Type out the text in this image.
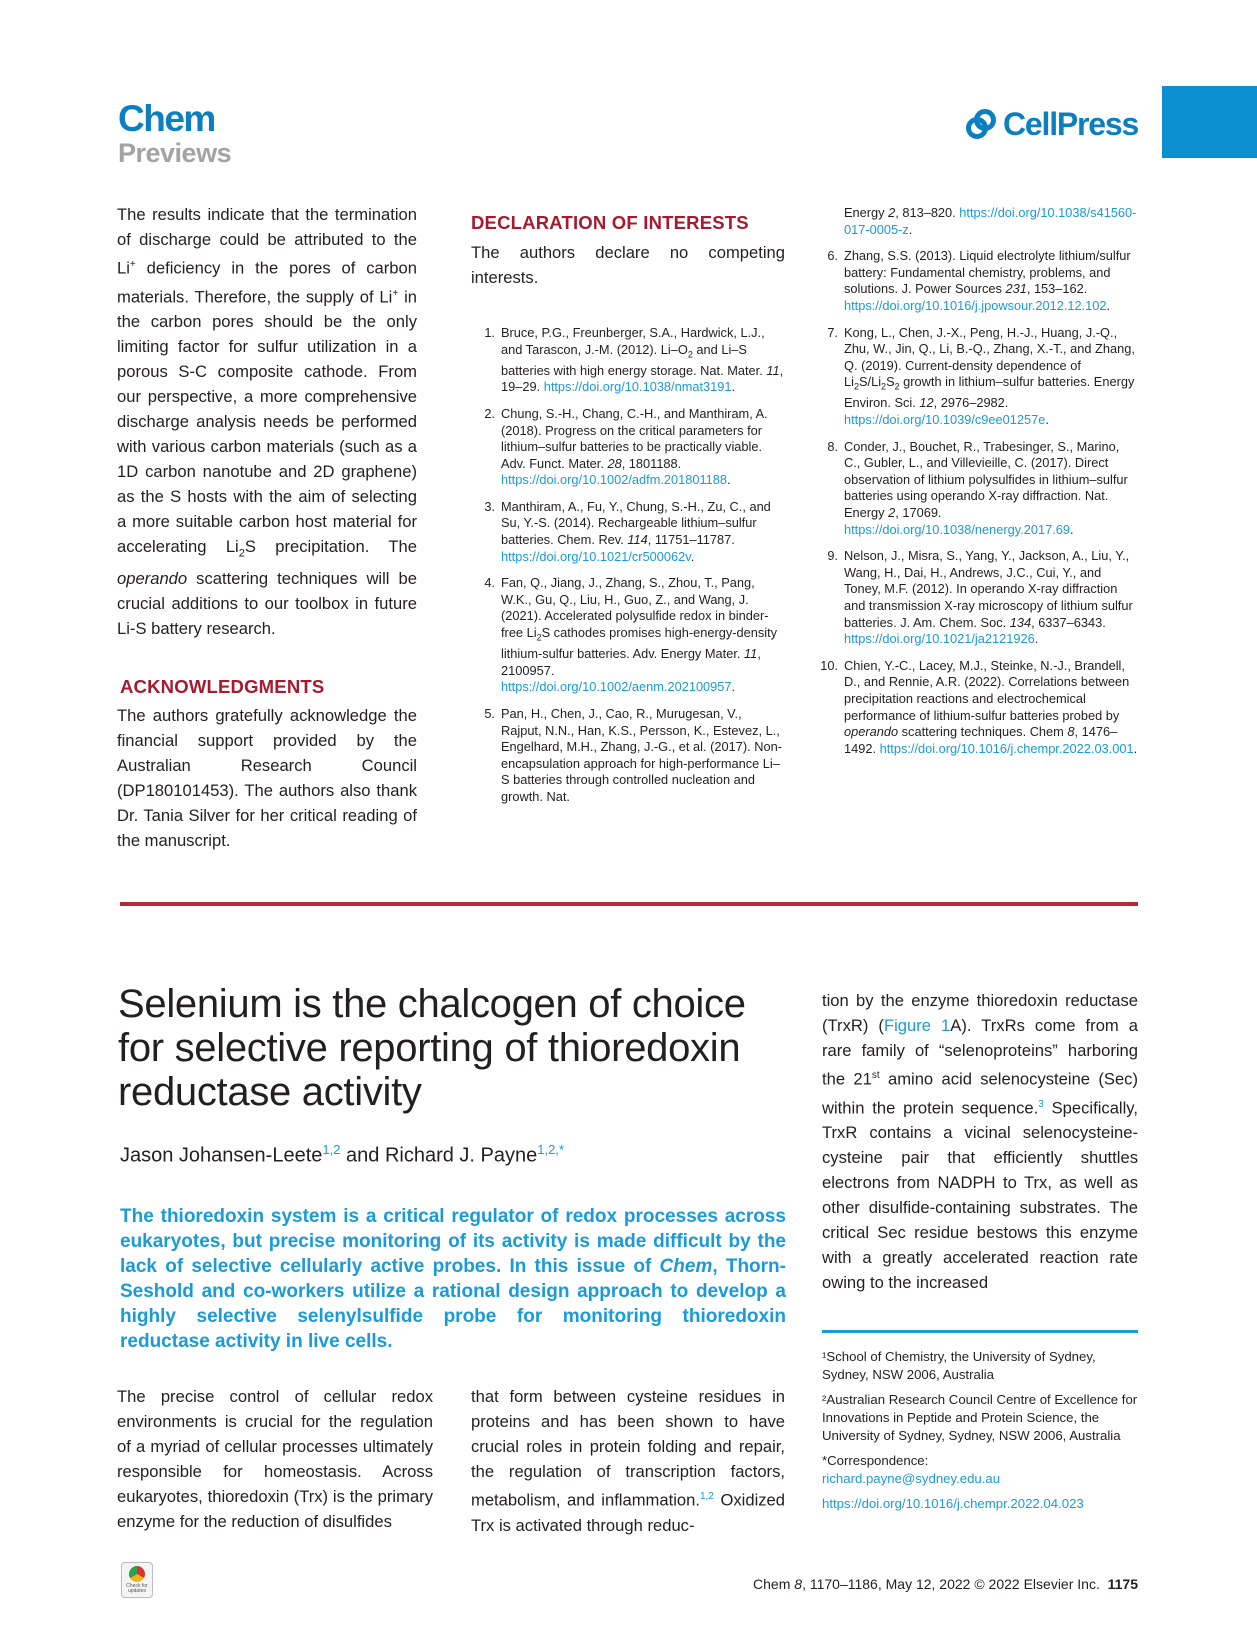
Chem
Previews
CellPress

The results indicate that the termination of discharge could be attributed to the Li+ deficiency in the pores of carbon materials. Therefore, the supply of Li+ in the carbon pores should be the only limiting factor for sulfur utilization in a porous S-C composite cathode. From our perspective, a more comprehensive discharge analysis needs be performed with various carbon materials (such as a 1D carbon nanotube and 2D graphene) as the S hosts with the aim of selecting a more suitable carbon host material for accelerating $Li_2S$ precipitation. The operando scattering techniques will be crucial additions to our toolbox in future Li-S battery research.

ACKNOWLEDGMENTS

The authors gratefully acknowledge the financial support provided by the Australian Research Council (DP180101453). The authors also thank Dr. Tania Silver for her critical reading of the manuscript.

DECLARATION OF INTERESTS

The authors declare no competing interests.

1. Bruce, P.G., Freunberger, S.A., Hardwick, L.J., and Tarascon, J.-M. (2012). $Li-O_2$ and Li–S batteries with high energy storage. Nat. Mater. 11, 19–29. https://doi.org/10.1038/nmat3191.
2. Chung, S.-H., Chang, C.-H., and Manthiram, A. (2018). Progress on the critical parameters for lithium–sulfur batteries to be practically viable. Adv. Funct. Mater. 28, 1801188. https://doi.org/10.1002/adfm.201801188.
3. Manthiram, A., Fu, Y., Chung, S.-H., Zu, C., and Su, Y.-S. (2014). Rechargeable lithium–sulfur batteries. Chem. Rev. 114, 11751–11787. https://doi.org/10.1021/cr500062v.
4. Fan, Q., Jiang, J., Zhang, S., Zhou, T., Pang, W.K., Gu, Q., Liu, H., Guo, Z., and Wang, J. (2021). Accelerated polysulfide redox in binder-free $Li_2S$ cathodes promises high-energy-density lithium-sulfur batteries. Adv. Energy Mater. 11, 2100957. https://doi.org/10.1002/aenm.202100957.
5. Pan, H., Chen, J., Cao, R., Murugesan, V., Rajput, N.N., Han, K.S., Persson, K., Estevez, L., Engelhard, M.H., Zhang, J.-G., et al. (2017). Non-encapsulation approach for high-performance Li–S batteries through controlled nucleation and growth. Nat.
Energy 2, 813–820. https://doi.org/10.1038/s41560-017-0005-z.
6. Zhang, S.S. (2013). Liquid electrolyte lithium/sulfur battery: Fundamental chemistry, problems, and solutions. J. Power Sources 231, 153–162. https://doi.org/10.1016/j.jpowsour.2012.12.102.
7. Kong, L., Chen, J.-X., Peng, H.-J., Huang, J.-Q., Zhu, W., Jin, Q., Li, B.-Q., Zhang, X.-T., and Zhang, Q. (2019). Current-density dependence of $Li_2S/Li_2S_2$ growth in lithium–sulfur batteries. Energy Environ. Sci. 12, 2976–2982. https://doi.org/10.1039/c9ee01257e.
8. Conder, J., Bouchet, R., Trabesinger, S., Marino, C., Gubler, L., and Villevieille, C. (2017). Direct observation of lithium polysulfides in lithium–sulfur batteries using operando X-ray diffraction. Nat. Energy 2, 17069. https://doi.org/10.1038/nenergy.2017.69.
9. Nelson, J., Misra, S., Yang, Y., Jackson, A., Liu, Y., Wang, H., Dai, H., Andrews, J.C., Cui, Y., and Toney, M.F. (2012). In operando X-ray diffraction and transmission X-ray microscopy of lithium sulfur batteries. J. Am. Chem. Soc. 134, 6337–6343. https://doi.org/10.1021/ja2121926.
10. Chien, Y.-C., Lacey, M.J., Steinke, N.-J., Brandell, D., and Rennie, A.R. (2022). Correlations between precipitation reactions and electrochemical performance of lithium-sulfur batteries probed by operando scattering techniques. Chem 8, 1476–1492. https://doi.org/10.1016/j.chempr.2022.03.001.
Selenium is the chalcogen of choice for selective reporting of thioredoxin reductase activity
Jason Johansen-Leete$^{1,2}$ and Richard J. Payne$^{1,2,*}$
The thioredoxin system is a critical regulator of redox processes across eukaryotes, but precise monitoring of its activity is made difficult by the lack of selective cellularly active probes. In this issue of Chem, Thorn-Seshold and co-workers utilize a rational design approach to develop a highly selective selenylsulfide probe for monitoring thioredoxin reductase activity in live cells.

The precise control of cellular redox environments is crucial for the regulation of a myriad of cellular processes ultimately responsible for homeostasis. Across eukaryotes, thioredoxin (Trx) is the primary enzyme for the reduction of disulfides

that form between cysteine residues in proteins and has been shown to have crucial roles in protein folding and repair, the regulation of transcription factors, metabolism, and inflammation.$^{1,2}$ Oxidized Trx is activated through reduc-

tion by the enzyme thioredoxin reductase (TrxR) (Figure 1A). TrxRs come from a rare family of “selenoproteins” harboring the 21st amino acid selenocysteine (Sec) within the protein sequence.$^3$ Specifically, TrxR contains a vicinal selenocysteine-cysteine pair that efficiently shuttles electrons from NADPH to Trx, as well as other disulfide-containing substrates. The critical Sec residue bestows this enzyme with a greatly accelerated reaction rate owing to the increased

¹School of Chemistry, the University of Sydney, Sydney, NSW 2006, Australia

²Australian Research Council Centre of Excellence for Innovations in Peptide and Protein Science, the University of Sydney, Sydney, NSW 2006, Australia

*Correspondence:

richard.payne@sydney.edu.au

https://doi.org/10.1016/j.chempr.2022.04.023

Check for updates	Chem 8, 1170–1186, May 12, 2022 © 2022 Elsevier Inc. 1175
